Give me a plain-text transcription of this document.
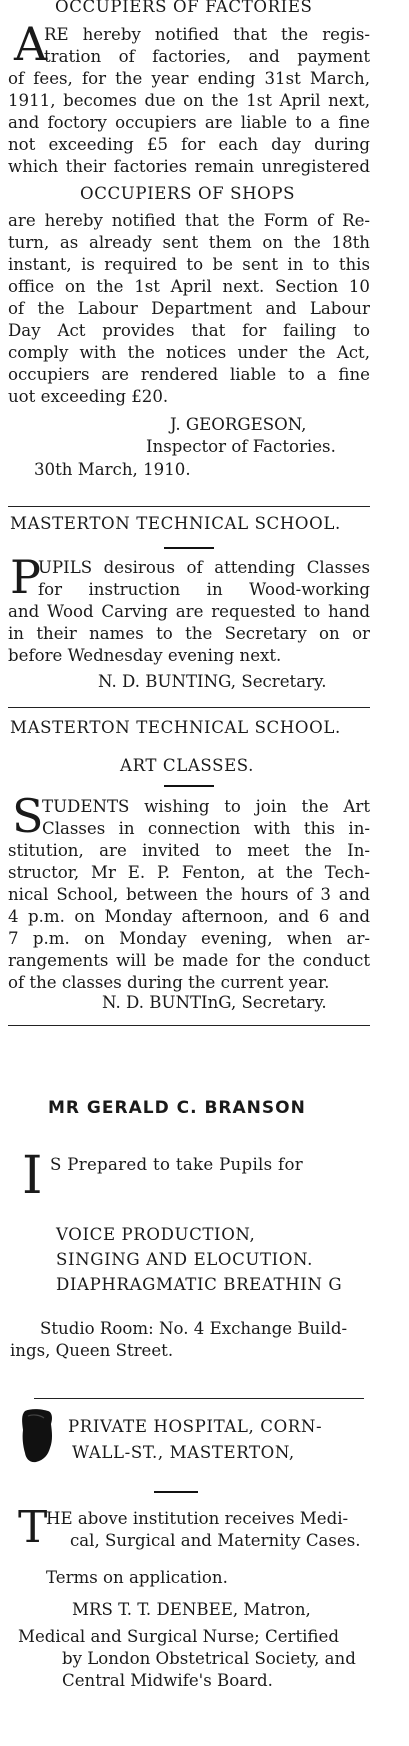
OCCUPIERS OF FACTORIES
A
RE hereby notified that the regis-
tration of factories, and payment
of fees, for the year ending 31st March,
1911, becomes due on the 1st April next,
and foctory occupiers are liable to a fine
not exceeding £5 for each day during
which their factories remain unregistered
OCCUPIERS OF SHOPS
are hereby notified that the Form of Re-
turn, as already sent them on the 18th
instant, is required to be sent in to this
office on the 1st April next. Section 10
of the Labour Department and Labour
Day Act provides that for failing to
comply with the notices under the Act,
occupiers are rendered liable to a fine
uot exceeding £20.
J. GEORGESON,
Inspector of Factories.
30th March, 1910.
MASTERTON TECHNICAL SCHOOL.
P
UPILS desirous of attending Classes
for instruction in Wood-working
and Wood Carving are requested to hand
in their names to the Secretary on or
before Wednesday evening next.
N. D. BUNTING, Secretary.
MASTERTON TECHNICAL SCHOOL.
ART CLASSES.
S
TUDENTS wishing to join the Art
Classes in connection with this in-
stitution, are invited to meet the In-
structor, Mr E. P. Fenton, at the Tech-
nical School, between the hours of 3 and
4 p.m. on Monday afternoon, and 6 and
7 p.m. on Monday evening, when ar-
rangements will be made for the conduct
of the classes during the current year.
N. D. BUNTInG, Secretary.
MR GERALD C. BRANSON
I S Prepared to take Pupils for
VOICE PRODUCTION,
SINGING AND ELOCUTION.
DIAPHRAGMATIC BREATHIN G
Studio Room: No. 4 Exchange Build-
ings, Queen Street.
PRIVATE HOSPITAL, CORN-
WALL-ST., MASTERTON,
T
HE above institution receives Medi-
cal, Surgical and Maternity Cases.
Terms on application.
MRS T. T. DENBEE, Matron,
Medical and Surgical Nurse; Certified
by London Obstetrical Society, and
Central Midwife's Board.
